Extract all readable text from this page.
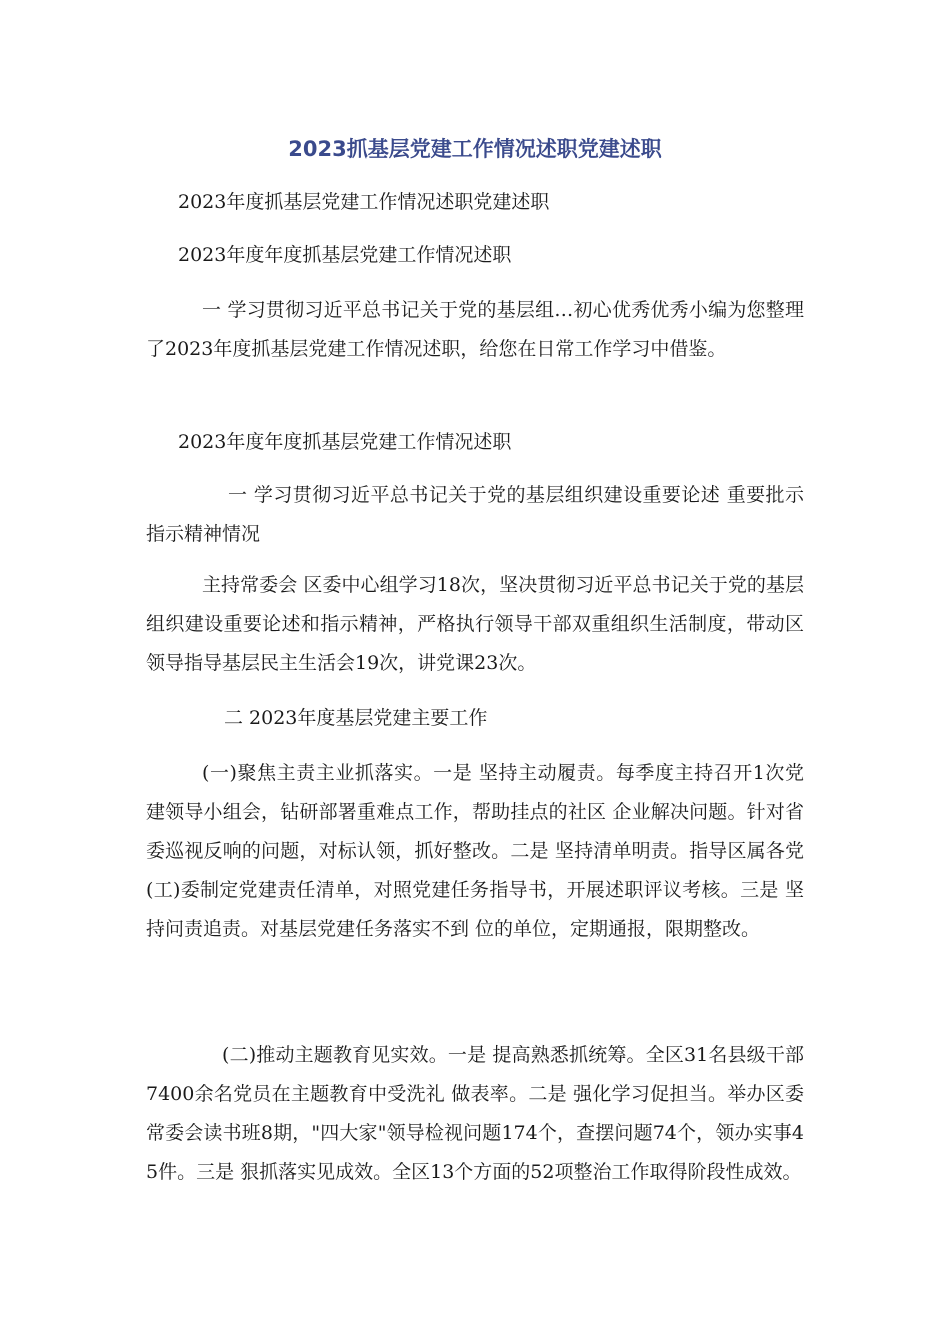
2023抓基层党建工作情况述职党建述职

2023年度抓基层党建工作情况述职党建述职

2023年度年度抓基层党建工作情况述职

一 学习贯彻习近平总书记关于党的基层组…初心优秀优秀小编为您整理了2023年度抓基层党建工作情况述职，给您在日常工作学习中借鉴。

2023年度年度抓基层党建工作情况述职

一 学习贯彻习近平总书记关于党的基层组织建设重要论述 重要批示指示精神情况

主持常委会 区委中心组学习18次，坚决贯彻习近平总书记关于党的基层组织建设重要论述和指示精神，严格执行领导干部双重组织生活制度，带动区领导指导基层民主生活会19次，讲党课23次。

二 2023年度基层党建主要工作

(一)聚焦主责主业抓落实。一是 坚持主动履责。每季度主持召开1次党建领导小组会，钻研部署重难点工作，帮助挂点的社区 企业解决问题。针对省委巡视反响的问题，对标认领，抓好整改。二是 坚持清单明责。指导区属各党(工)委制定党建责任清单，对照党建任务指导书，开展述职评议考核。三是 坚持问责追责。对基层党建任务落实不到 位的单位，定期通报，限期整改。

(二)推动主题教育见实效。一是 提高熟悉抓统筹。全区31名县级干部 7400余名党员在主题教育中受洗礼 做表率。二是 强化学习促担当。举办区委常委会读书班8期，"四大家"领导检视问题174个，查摆问题74个，领办实事45件。三是 狠抓落实见成效。全区13个方面的52项整治工作取得阶段性成效。
